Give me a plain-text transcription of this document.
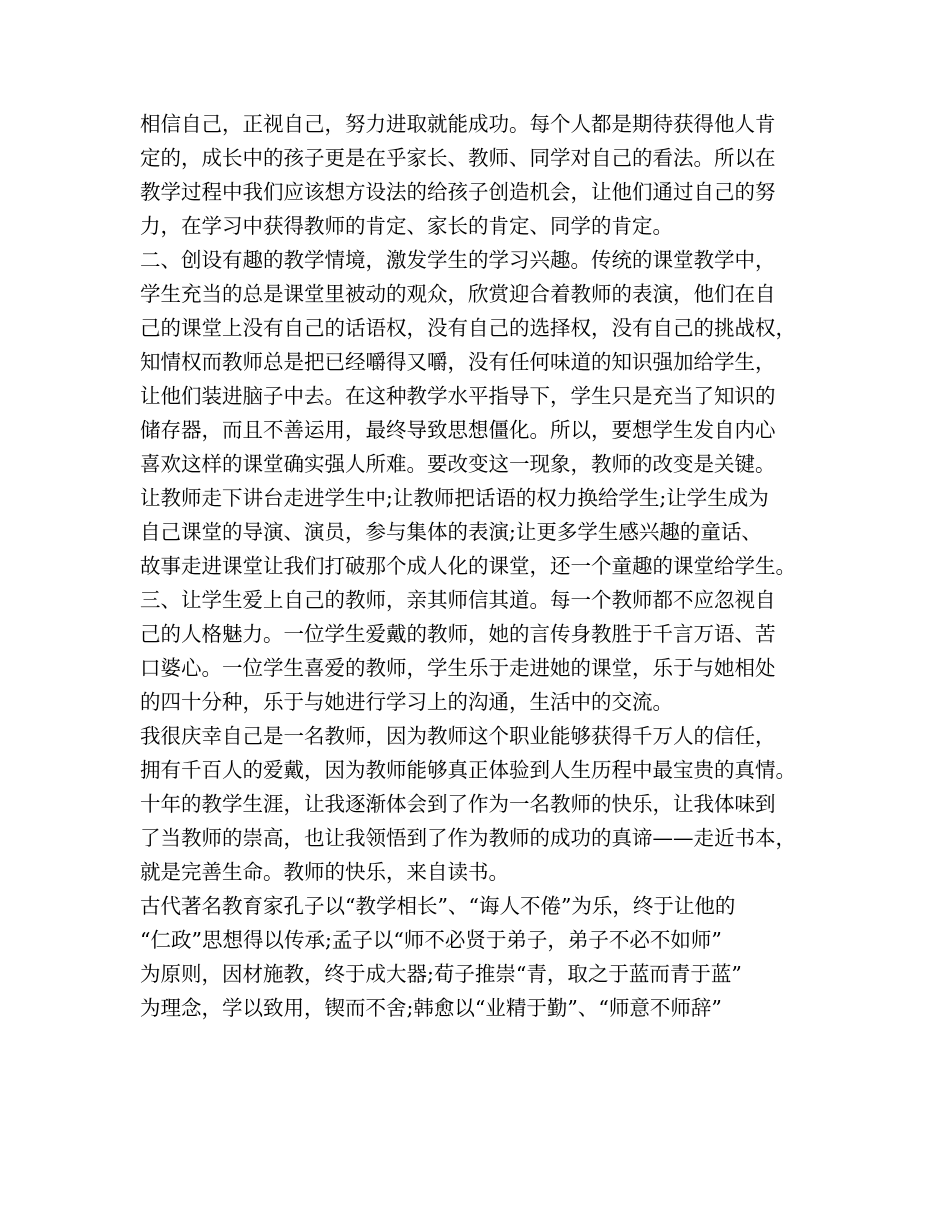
相信自己，正视自己，努力进取就能成功。每个人都是期待获得他人肯
定的，成长中的孩子更是在乎家长、教师、同学对自己的看法。所以在
教学过程中我们应该想方设法的给孩子创造机会，让他们通过自己的努
力，在学习中获得教师的肯定、家长的肯定、同学的肯定。
二、创设有趣的教学情境，激发学生的学习兴趣。传统的课堂教学中，
学生充当的总是课堂里被动的观众，欣赏迎合着教师的表演，他们在自
己的课堂上没有自己的话语权，没有自己的选择权，没有自己的挑战权，
知情权而教师总是把已经嚼得又嚼，没有任何味道的知识强加给学生，
让他们装进脑子中去。在这种教学水平指导下，学生只是充当了知识的
储存器，而且不善运用，最终导致思想僵化。所以，要想学生发自内心
喜欢这样的课堂确实强人所难。要改变这一现象，教师的改变是关键。
让教师走下讲台走进学生中;让教师把话语的权力换给学生;让学生成为
自己课堂的导演、演员，参与集体的表演;让更多学生感兴趣的童话、
故事走进课堂让我们打破那个成人化的课堂，还一个童趣的课堂给学生。
三、让学生爱上自己的教师，亲其师信其道。每一个教师都不应忽视自
己的人格魅力。一位学生爱戴的教师，她的言传身教胜于千言万语、苦
口婆心。一位学生喜爱的教师，学生乐于走进她的课堂，乐于与她相处
的四十分种，乐于与她进行学习上的沟通，生活中的交流。
我很庆幸自己是一名教师，因为教师这个职业能够获得千万人的信任，
拥有千百人的爱戴，因为教师能够真正体验到人生历程中最宝贵的真情。
十年的教学生涯，让我逐渐体会到了作为一名教师的快乐，让我体味到
了当教师的崇高，也让我领悟到了作为教师的成功的真谛——走近书本，
就是完善生命。教师的快乐，来自读书。
古代著名教育家孔子以“教学相长”、“诲人不倦”为乐，终于让他的
“仁政”思想得以传承;孟子以“师不必贤于弟子，弟子不必不如师”
为原则，因材施教，终于成大器;荀子推崇“青，取之于蓝而青于蓝”
为理念，学以致用，锲而不舍;韩愈以“业精于勤”、“师意不师辞”
